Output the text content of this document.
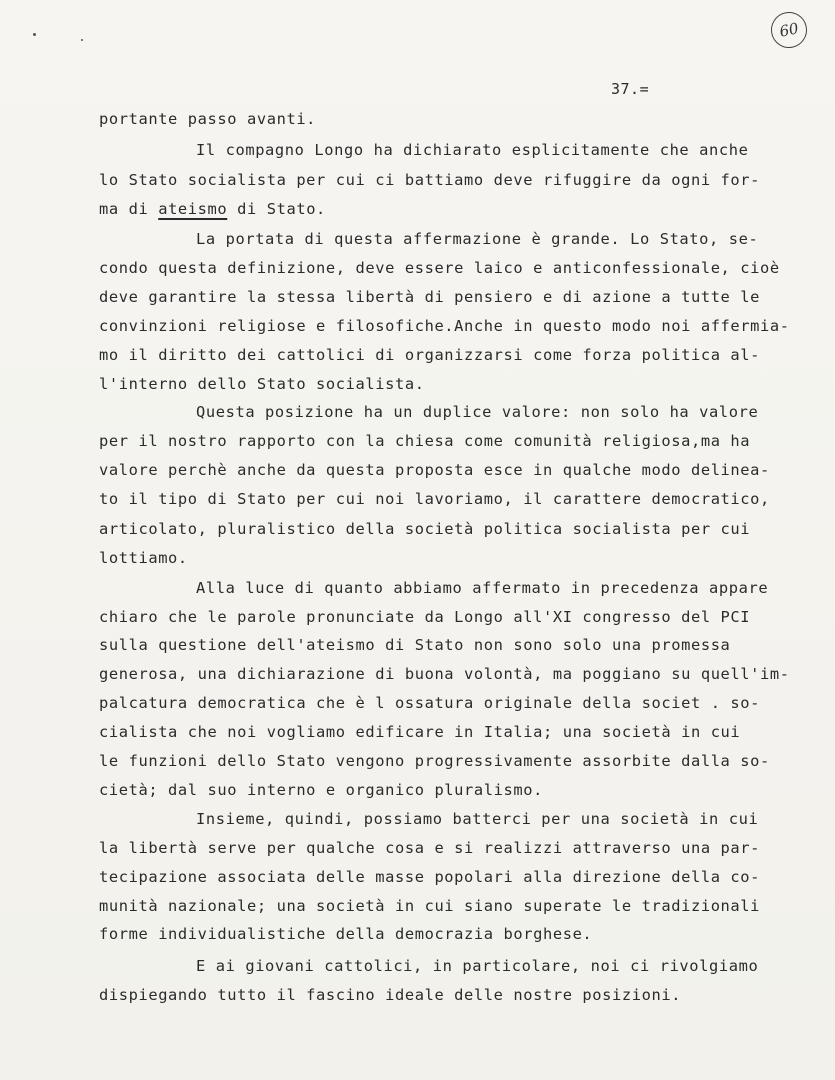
60

37.=

portante passo avanti.

Il compagno Longo ha dichiarato esplicitamente che anche

lo Stato socialista per cui ci battiamo deve rifuggire da ogni for-

ma di ateismo di Stato.

La portata di questa affermazione è grande. Lo Stato, se-

condo questa definizione, deve essere laico e anticonfessionale, cioè

deve garantire la stessa libertà di pensiero e di azione a tutte le

convinzioni religiose e filosofiche.Anche in questo modo noi affermia-

mo il diritto dei cattolici di organizzarsi come forza politica al-

l'interno dello Stato socialista.

Questa posizione ha un duplice valore: non solo ha valore

per il nostro rapporto con la chiesa come comunità religiosa,ma ha

valore perchè anche da questa proposta esce in qualche modo delinea-

to il tipo di Stato per cui noi lavoriamo, il carattere democratico,

articolato, pluralistico della società politica socialista per cui

lottiamo.

Alla luce di quanto abbiamo affermato in precedenza appare

chiaro che le parole pronunciate da Longo all'XI congresso del PCI

sulla questione dell'ateismo di Stato non sono solo una promessa

generosa, una dichiarazione di buona volontà, ma poggiano su quell'im-

palcatura democratica che è l ossatura originale della societ . so-

cialista che noi vogliamo edificare in Italia; una società in cui

le funzioni dello Stato vengono progressivamente assorbite dalla so-

cietà; dal suo interno e organico pluralismo.

Insieme, quindi, possiamo batterci per una società in cui

la libertà serve per qualche cosa e si realizzi attraverso una par-

tecipazione associata delle masse popolari alla direzione della co-

munità nazionale; una società in cui siano superate le tradizionali

forme individualistiche della democrazia borghese.

E ai giovani cattolici, in particolare, noi ci rivolgiamo

dispiegando tutto il fascino ideale delle nostre posizioni.
